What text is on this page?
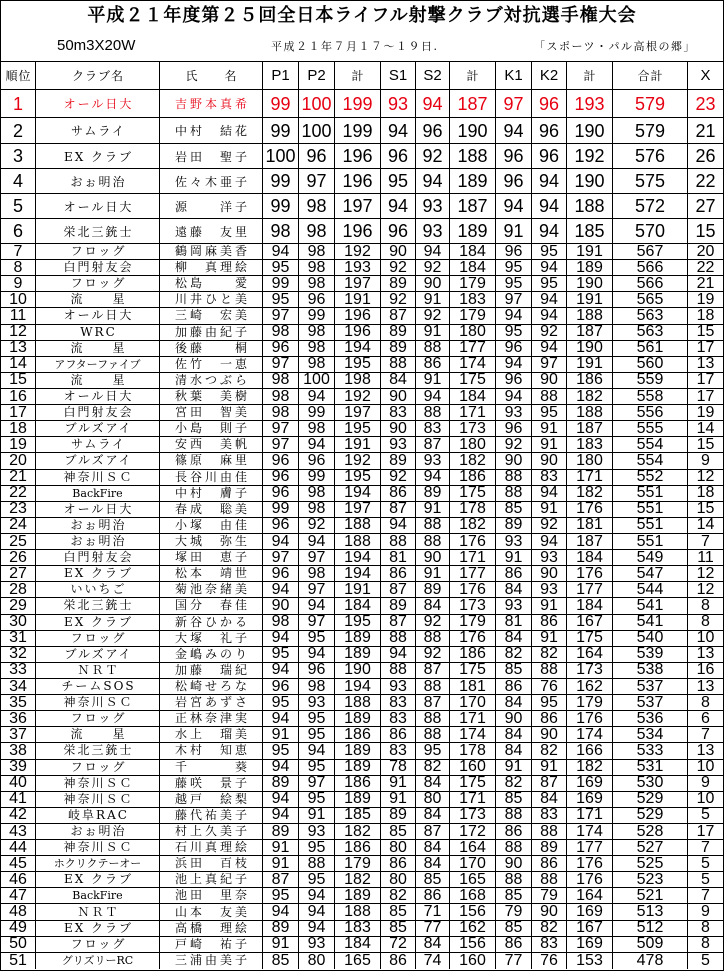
平成２１年度第２５回全日本ライフル射撃クラブ対抗選手権大会
50m3X20W	平成２１年７月１７～１９日.	「スポーツ・パル高根の郷」
順位	クラブ名	氏　　名	P1	P2	計	S1	S2	計	K1	K2	計	合計	X
1	オール日大	吉野本真希	99 100 199 93 94 187 97 96 193	579	23
2	サムライ	中村　結花	99 100 199 94 96 190 94 96 190	579	21
3	EX クラブ	岩田　聖子 100 96 196 96 92 188 96 96 192	576	26
4	おぉ明治	佐々木亜子	99 97 196 95 94 189 96 94 190	575	22
5	オール日大	源　　洋子	99 98 197 94 93 187 94 94 188	572	27
6	栄北三銃士	遠藤　友里	98 98 196 96 93 189 91 94 185	570	15
7	フロッグ	鶴岡麻美香	94	98	192	90	94	184	96	95	191	567	20
8	白門射友会	柳　真理絵	95	98	193	92	92	184	95	94	189	566	22
9	フロッグ	松島　　愛	99	98	197	89	90	179	95	95	190	566	21
10	流　　星	川井ひと美	95	96	191	92	91	183	97	94	191	565	19
11	オール日大	三崎　宏美	97	99	196	87	92	179	94	94	188	563	18
12	WRC	加藤由紀子	98	98	196	89	91	180	95	92	187	563	15
13	流　　星	後藤　　桐	96	98	194	89	88	177	96	94	190	561	17
14	アフターファイブ	佐竹　一恵	97	98	195	88	86	174	94	97	191	560	13
15	流　　星	清水つぶら	98 100 198	84	91	175	96	90	186	559	17
16	オール日大	秋葉　美樹	98	94	192	90	94	184	94	88	182	558	17
17	白門射友会	宮田　智美	98	99	197	83	88	171	93	95	188	556	19
18	ブルズアイ	小島　則子	97	98	195	90	83	173	96	91	187	555	14
19	サムライ	安西　美帆	97	94	191	93	87	180	92	91	183	554	15
20	ブルズアイ	篠原　麻里	96	96	192	89	93	182	90	90	180	554	9
21	神奈川ＳＣ	長谷川由佳	96	99	195	92	94	186	88	83	171	552	12
22	BackFire	中村　膚子	96	98	194	86	89	175	88	94	182	551	18
23	オール日大	春成　聡美	99	98	197	87	91	178	85	91	176	551	15
24	おぉ明治	小塚　由佳	96	92	188	94	88	182	89	92	181	551	14
25	おぉ明治	大城　弥生	94	94	188	88	88	176	93	94	187	551	7
26	白門射友会	塚田　恵子	97	97	194	81	90	171	91	93	184	549	11
27	EX クラブ	松本　靖世	96	98	194	86	91	177	86	90	176	547	12
28	いいちご	菊池奈緒美	94	97	191	87	89	176	84	93	177	544	12
29	栄北三銃士	国分　春佳	90	94	184	89	84	173	93	91	184	541	8
30	EX クラブ	新谷ひかる	98	97	195	87	92	179	81	86	167	541	8
31	フロッグ	大塚　礼子	94	95	189	88	88	176	84	91	175	540	10
32	ブルズアイ	金嶋みのり	95	94	189	94	92	186	82	82	164	539	13
33	ＮＲＴ	加藤　瑞紀	94	96	190	88	87	175	85	88	173	538	16
34	チームSOS	松崎せろな	96	98	194	93	88	181	86	76	162	537	13
35	神奈川ＳＣ	岩宮あずさ	95	93	188	83	87	170	84	95	179	537	8
36	フロッグ	正林奈津実	94	95	189	83	88	171	90	86	176	536	6
37	流　　星	水上　瑠美	91	95	186	86	88	174	84	90	174	534	7
38	栄北三銃士	木村　知恵	95	94	189	83	95	178	84	82	166	533	13
39	フロッグ	千　　　葵	94	95	189	78	82	160	91	91	182	531	10
40	神奈川ＳＣ	藤咲　景子	89	97	186	91	84	175	82	87	169	530	9
41	神奈川ＳＣ	越戸　絵梨	94	95	189	91	80	171	85	84	169	529	10
42	岐阜RAC	藤代祐美子	94	91	185	89	84	173	88	83	171	529	5
43	おぉ明治	村上久美子	89	93	182	85	87	172	86	88	174	528	17
44	神奈川ＳＣ	石川真理絵	91	95	186	80	84	164	88	89	177	527	7
45	ホクリクテーオー	浜田　百枝	91	88	179	86	84	170	90	86	176	525	5
46	EX クラブ	池上真紀子	87	95	182	80	85	165	88	88	176	523	5
47	BackFire	池田　里奈	95	94	189	82	86	168	85	79	164	521	7
48	ＮＲＴ	山本　友美	94	94	188	85	71	156	79	90	169	513	9
49	EX クラブ	高橋　理絵	89	94	183	85	77	162	85	82	167	512	8
50	フロッグ	戸崎　祐子	91	93	184	72	84	156	86	83	169	509	8
51	グリズリーRC	三浦由美子	85	80	165	86	74	160	77	76	153	478	5
